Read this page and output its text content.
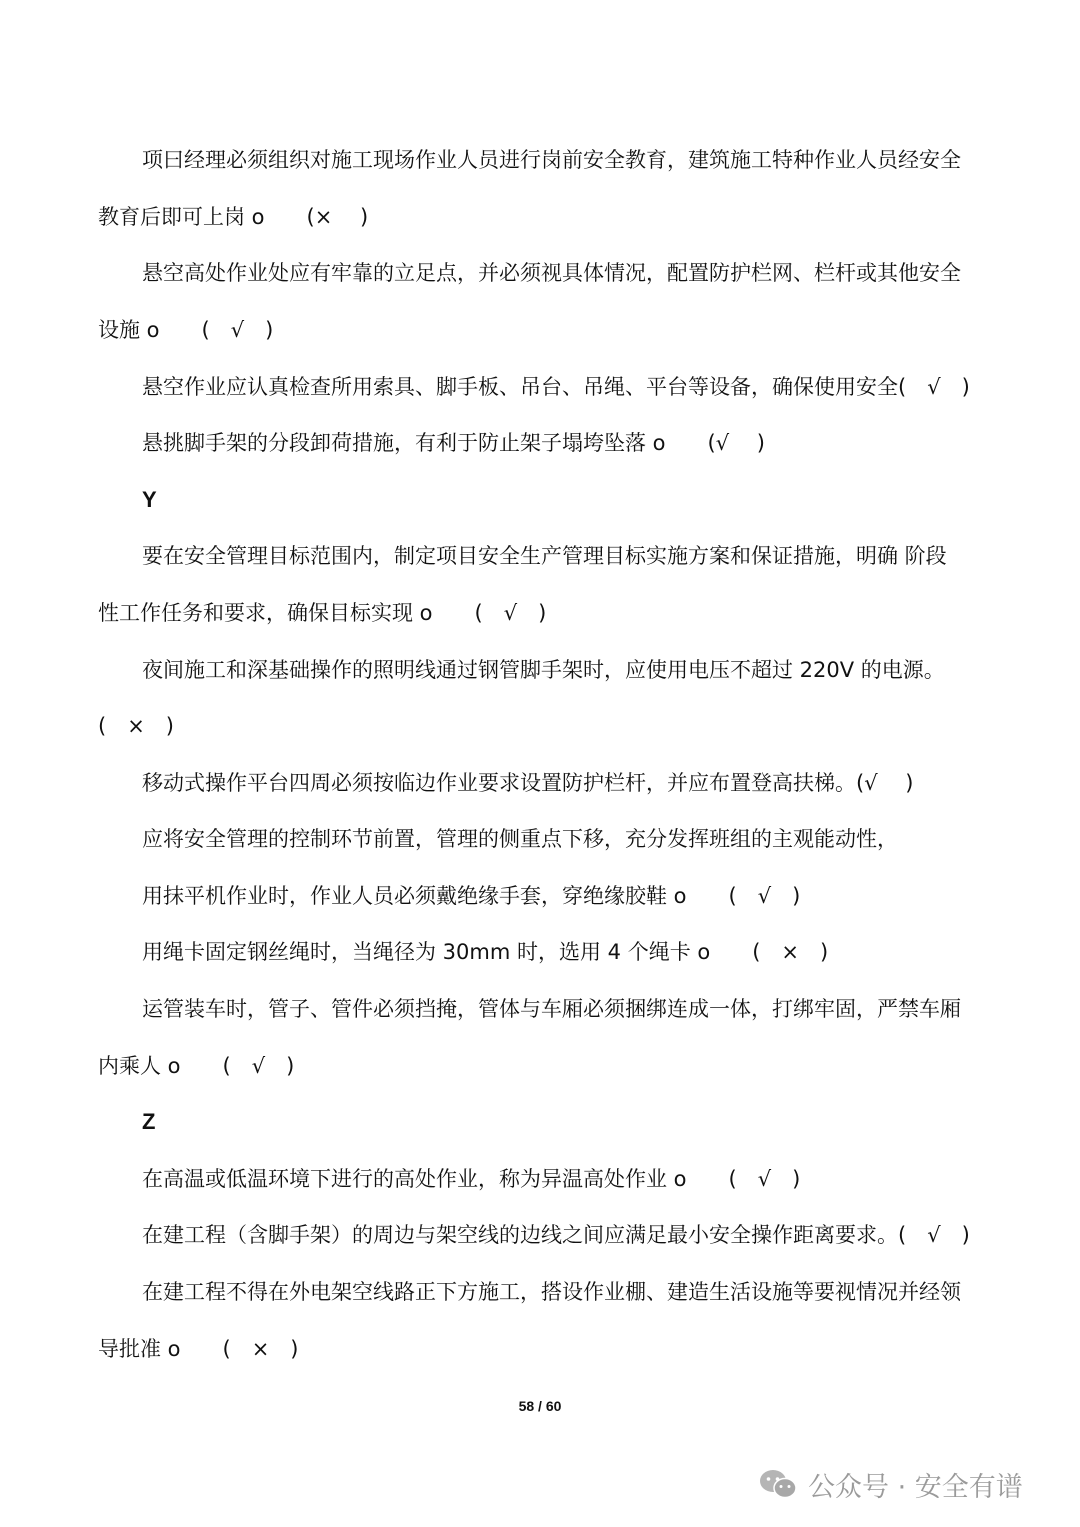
项曰经理必须组织对施工现场作业人员进行岗前安全教育，建筑施工特种作业人员经安全
教育后即可上岗 o　　(×　 )
悬空高处作业处应有牢靠的立足点，并必须视具体情况，配置防护栏网、栏杆或其他安全
设施 o　　(　√　)
悬空作业应认真检查所用索具、脚手板、吊台、吊绳、平台等设备，确保使用安全(　√　)
悬挑脚手架的分段卸荷措施，有利于防止架子塌垮坠落 o　　(√　 )
Y
要在安全管理目标范围内，制定项目安全生产管理目标实施方案和保证措施，明确 阶段
性工作任务和要求，确保目标实现 o　　(　√　)
夜间施工和深基础操作的照明线通过钢管脚手架时，应使用电压不超过 220V 的电源。
(　×　)
移动式操作平台四周必须按临边作业要求设置防护栏杆，并应布置登高扶梯。(√　 )
应将安全管理的控制环节前置，管理的侧重点下移，充分发挥班组的主观能动性，
用抹平机作业时，作业人员必须戴绝缘手套，穿绝缘胶鞋 o　　(　√　)
用绳卡固定钢丝绳时，当绳径为 30mm 时，选用 4 个绳卡 o　　(　×　)
运管装车时，管子、管件必须挡掩，管体与车厢必须捆绑连成一体，打绑牢固，严禁车厢
内乘人 o　　(　√　)
Z
在高温或低温环境下进行的高处作业，称为异温高处作业 o　　(　√　)
在建工程（含脚手架）的周边与架空线的边线之间应满足最小安全操作距离要求。(　√　)
在建工程不得在外电架空线路正下方施工，搭设作业棚、建造生活设施等要视情况并经领
导批准 o　　(　×　)
58 / 60
公众号 · 安全有谱
